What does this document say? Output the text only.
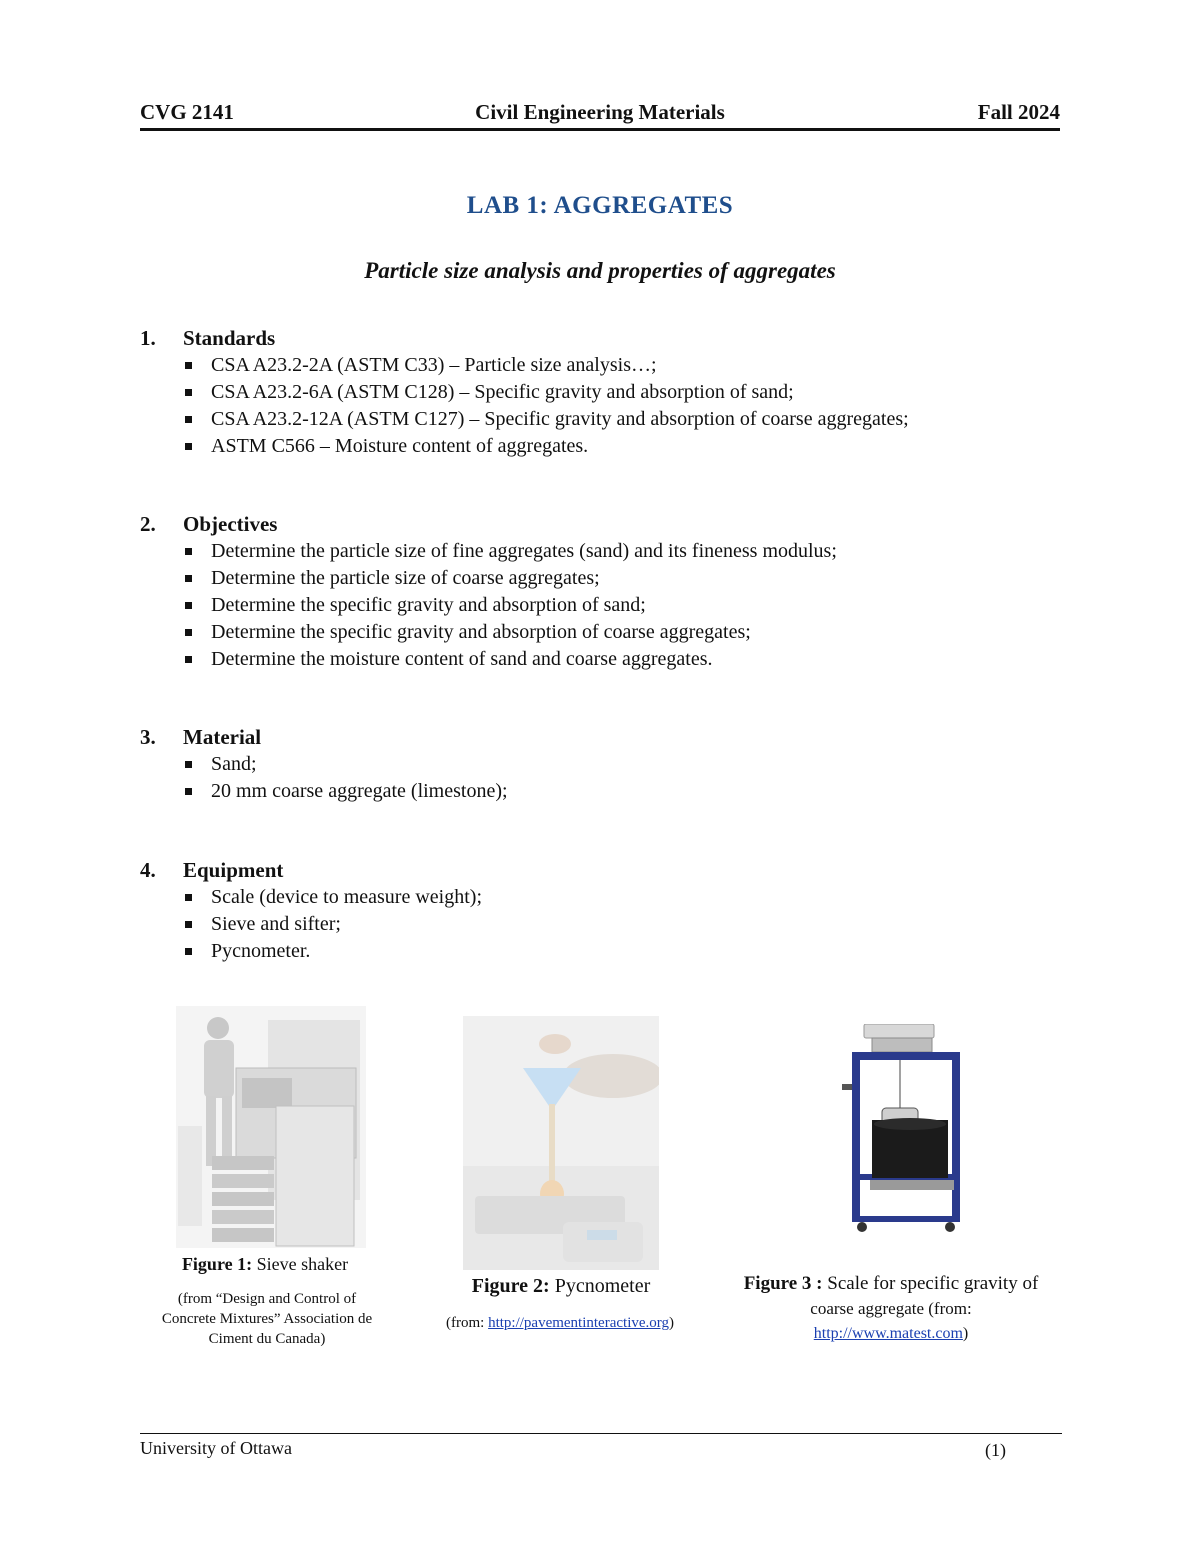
CVG 2141	Civil Engineering Materials	Fall 2024
LAB 1: AGGREGATES
Particle size analysis and properties of aggregates
1. Standards
CSA A23.2-2A (ASTM C33) – Particle size analysis…;
CSA A23.2-6A (ASTM C128) – Specific gravity and absorption of sand;
CSA A23.2-12A (ASTM C127) – Specific gravity and absorption of coarse aggregates;
ASTM C566 – Moisture content of aggregates.
2. Objectives
Determine the particle size of fine aggregates (sand) and its fineness modulus;
Determine the particle size of coarse aggregates;
Determine the specific gravity and absorption of sand;
Determine the specific gravity and absorption of coarse aggregates;
Determine the moisture content of sand and coarse aggregates.
3. Material
Sand;
20 mm coarse aggregate (limestone);
4. Equipment
Scale (device to measure weight);
Sieve and sifter;
Pycnometer.
Figure 1: Sieve shaker
(from “Design and Control of
Concrete Mixtures” Association de
Ciment du Canada)
Figure 2: Pycnometer
(from: http://pavementinteractive.org)
Figure 3 : Scale for specific gravity of
coarse aggregate (from:
http://www.matest.com)
University of Ottawa	(1)
